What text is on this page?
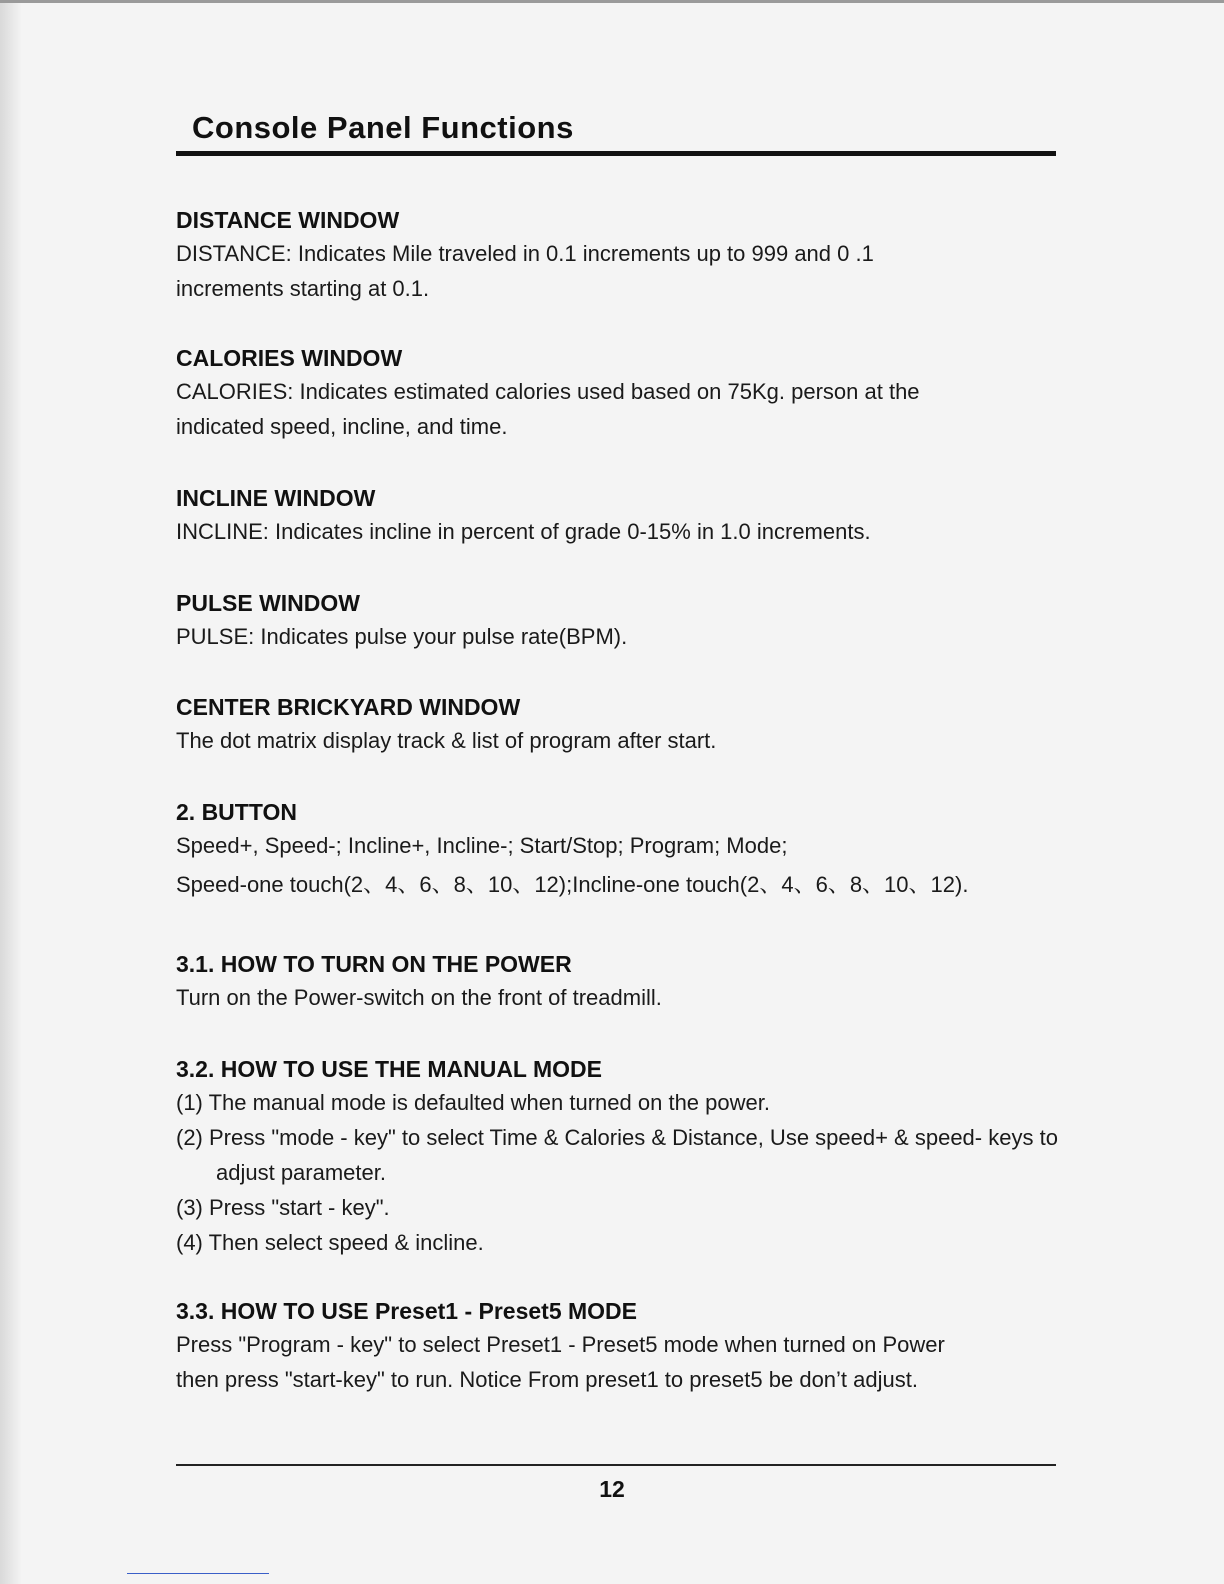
Console Panel Functions

DISTANCE WINDOW

DISTANCE: Indicates Mile traveled in 0.1 increments up to 999 and 0 .1

increments starting at 0.1.

CALORIES WINDOW

CALORIES: Indicates estimated calories used based on 75Kg. person at the

indicated speed, incline, and time.

INCLINE WINDOW

INCLINE: Indicates incline in percent of grade 0-15% in 1.0 increments.

PULSE WINDOW

PULSE: Indicates pulse your pulse rate(BPM).

CENTER BRICKYARD WINDOW

The dot matrix display track & list of program after start.

2. BUTTON

Speed+, Speed-; Incline+, Incline-; Start/Stop; Program; Mode;

Speed-one touch(2、4、6、8、10、12);Incline-one touch(2、4、6、8、10、12).

3.1. HOW TO TURN ON THE POWER

Turn on the Power-switch on the front of treadmill.

3.2. HOW TO USE THE MANUAL MODE

(1) The manual mode is defaulted when turned on the power.

(2) Press "mode - key" to select Time & Calories & Distance, Use speed+ & speed- keys to adjust parameter.

(3) Press "start - key".

(4) Then select speed & incline.

3.3. HOW TO USE Preset1 - Preset5 MODE

Press "Program - key" to select Preset1 - Preset5 mode when turned on Power

then press "start-key" to run. Notice From preset1 to preset5 be don’t adjust.

12
